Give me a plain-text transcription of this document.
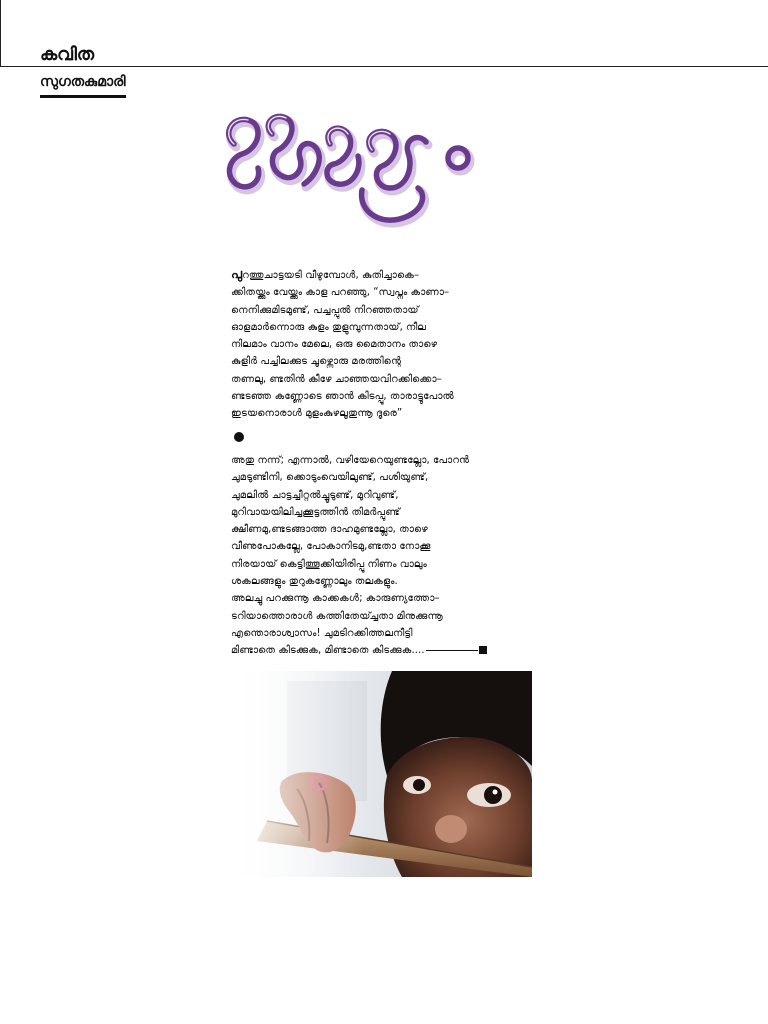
കവിത
സുഗതകുമാരി
പുറത്തുചാട്ടയടി വീഴുമ്പോൾ, കുതിച്ചാകെ–
ക്കിതയ്ക്കും വേയ്ക്കും കാള പറഞ്ഞു, “സ്വപ്നം കാണാ–
നെനിക്കുമിടമുണ്ട്, പച്ചപ്പുൽ നിറഞ്ഞതായ്
ഓളമാർന്നൊരു കുളം തുളുമ്പുന്നതായ്, നീല
നിലമാം വാനം മേലെ, ഒരു മൈതാനം താഴെ
കുളിർ പച്ചിലക്കുട ചൂഴ്ന്നൊരു മരത്തിന്റെ
തണലു, ണ്ടതിൻ കീഴേ ചാഞ്ഞയവിറക്കിക്കൊ–
ണ്ടടഞ്ഞ കണ്ണോടെ ഞാൻ കിടപ്പൂ, താരാട്ടുപോൽ
ഇടയനൊരാൾ മുളംകുഴലൂതുന്നൂ ദൂരെ”
അതു നന്ന്; എന്നാൽ, വഴിയേറെയുണ്ടല്ലോ, പോറൻ
ചുമടുണ്ടിനി, ക്കൊടുംവെയിലുണ്ട്, പശിയുണ്ട്,
ചുമലിൽ ചാട്ടച്ചീറ്റൽച്ചൂടുണ്ട്, മുറിവുണ്ട്,
മുറിവായയിലിച്ചക്കൂട്ടത്തിൻ തിമർപ്പുണ്ട്
ക്ഷീണമു,ണ്ടടങ്ങാത്ത ദാഹമുണ്ടല്ലോ, താഴെ
വീണുപോകല്ലേ, പോകാനിടമു,ണ്ടതാ നോക്കൂ
നിരയായ് കെട്ടിത്തൂക്കിയിരിപ്പൂ നിണം വാലും
ശകലങ്ങളും തുറുകണ്ണോലും തലകളും.
അലച്ചു പറക്കുന്നൂ കാക്കകൾ; കാരുണ്യത്തോ–
ടറിയാത്തൊരാൾ കത്തിതേയ്ച്ചതാ മിനുക്കുന്നൂ
എന്തൊരാശ്വാസം! ചുമടിറക്കിത്തലനീട്ടി
മിണ്ടാതെ കിടക്കുക, മിണ്ടാതെ കിടക്കുക....
